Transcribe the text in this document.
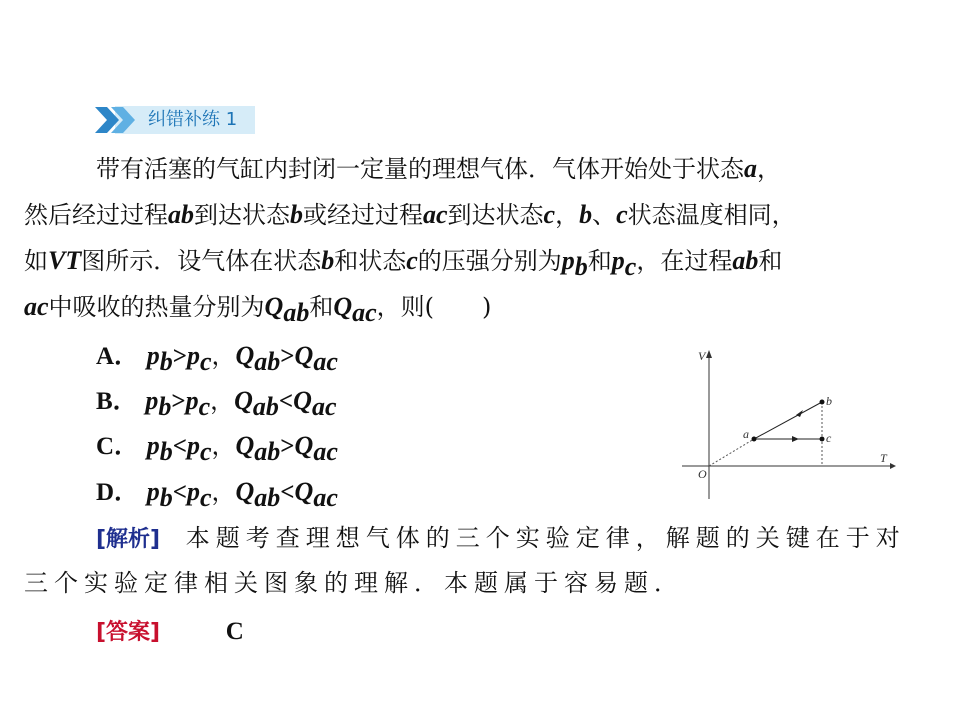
纠错补练 1
带有活塞的气缸内封闭一定量的理想气体．气体开始处于状态a，
然后经过过程ab到达状态b或经过过程ac到达状态c，b、c状态温度相同，
如VT图所示．设气体在状态b和状态c的压强分别为$p_b$和$p_c$，在过程ab和
ac中吸收的热量分别为$Q_{ab}$和$Q_{ac}$，则(　　)
A． $p_b>p_c$，$Q_{ab}>Q_{ac}$
B． $p_b>p_c$，$Q_{ab}<Q_{ac}$
C． $p_b<p_c$，$Q_{ab}>Q_{ac}$
D． $p_b<p_c$，$Q_{ab}<Q_{ac}$
V
T
O
a
b
c
[解析] 本题考查理想气体的三个实验定律，解题的关键在于对
三个实验定律相关图象的理解．本题属于容易题．
[答案]	C
